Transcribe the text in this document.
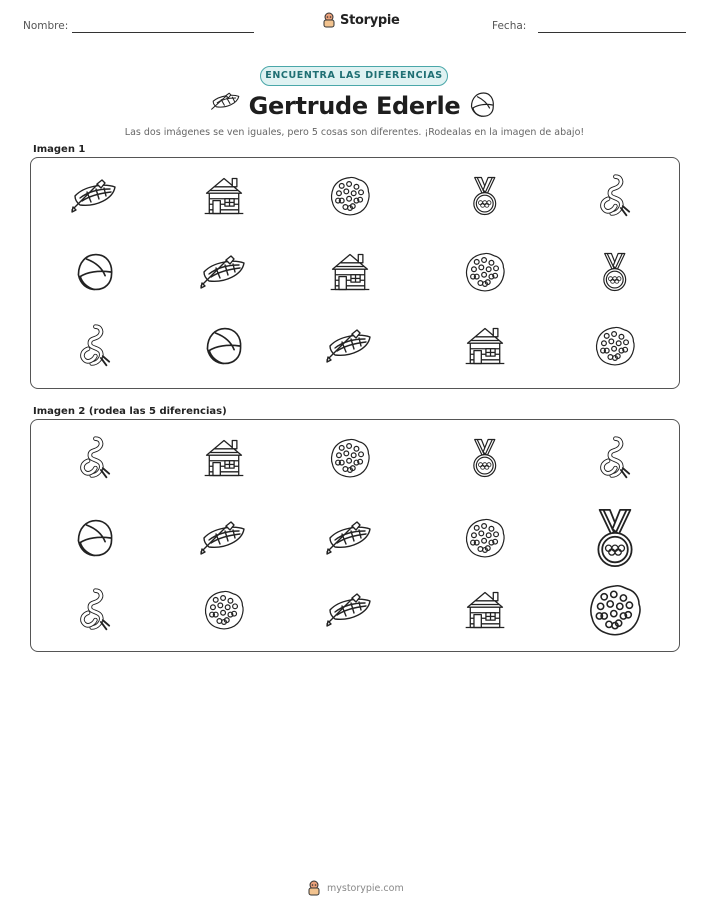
Nombre:	Storypie	Fecha:
ENCUENTRA LAS DIFERENCIAS
Gertrude Ederle
Las dos imágenes se ven iguales, pero 5 cosas son diferentes. ¡Rodealas en la imagen de abajo!
Imagen 1
Imagen 2 (rodea las 5 diferencias)
mystorypie.com
